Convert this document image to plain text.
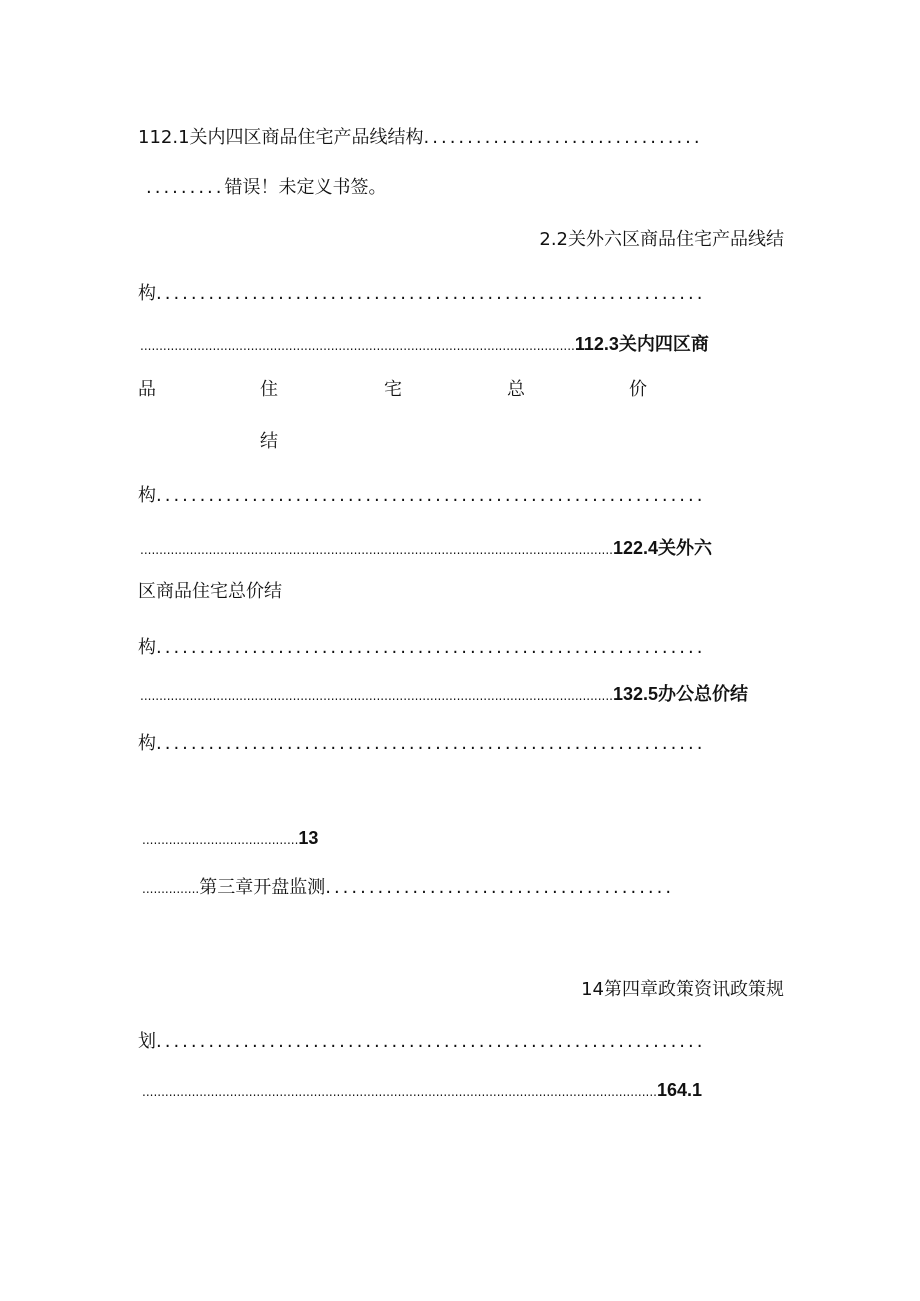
112.1关内四区商品住宅产品线结构................................
.........错误！未定义书签。
2.2关外六区商品住宅产品线结
构...............................................................
..................................................................................................................112.3关内四区商
品	住	宅	总	价
结
构...............................................................
............................................................................................................................122.4关外六
区商品住宅总价结
构...............................................................
............................................................................................................................132.5办公总价结
构...............................................................
.........................................13
...............第三章开盘监测........................................
14第四章政策资讯政策规
划...............................................................
.......................................................................................................................................164.1
